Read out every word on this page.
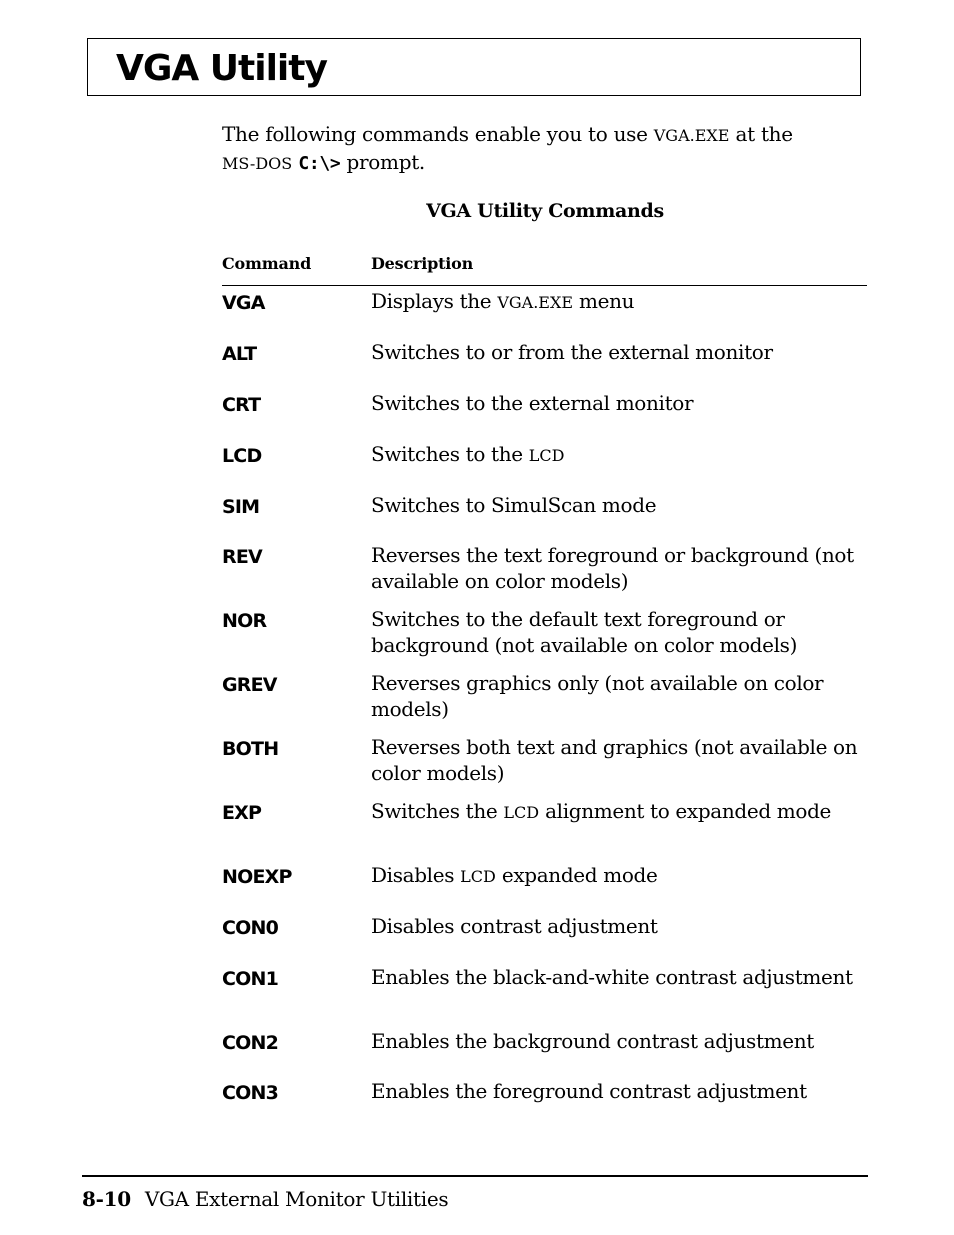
VGA Utility
The following commands enable you to use VGA.EXE at the
MS-DOS C:\> prompt.
VGA Utility Commands
Command	Description
VGA	Displays the VGA.EXE menu
ALT	Switches to or from the external monitor
CRT	Switches to the external monitor
LCD	Switches to the LCD
SIM	Switches to SimulScan mode
REV	Reverses the text foreground or background (not available on color models)
NOR	Switches to the default text foreground or background (not available on color models)
GREV	Reverses graphics only (not available on color models)
BOTH	Reverses both text and graphics (not available on color models)
EXP	Switches the LCD alignment to expanded mode
NOEXP	Disables LCD expanded mode
CON0	Disables contrast adjustment
CON1	Enables the black-and-white contrast adjustment
CON2	Enables the background contrast adjustment
CON3	Enables the foreground contrast adjustment
8-10 VGA External Monitor Utilities
